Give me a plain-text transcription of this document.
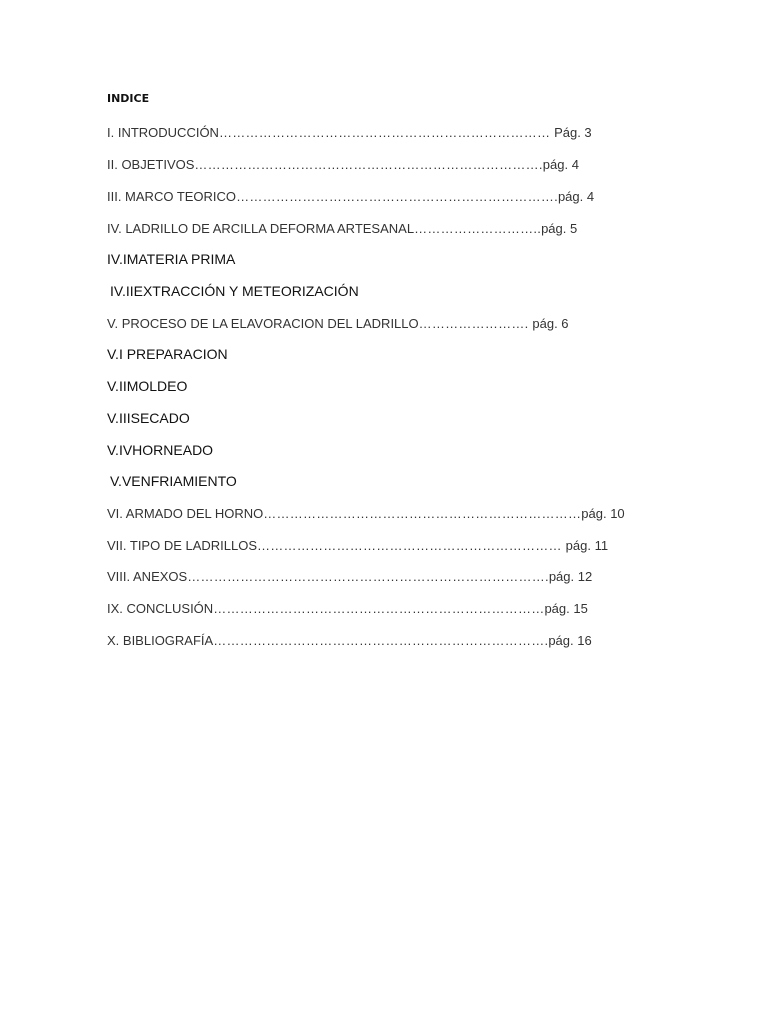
INDICE
I. INTRODUCCIÓN………………………………………………………………… Pág. 3
II. OBJETIVOS…………………………………………………………………….pág. 4
III. MARCO TEORICO……………………………………………………………….pág. 4
IV. LADRILLO DE ARCILLA DEFORMA ARTESANAL………………………..pág. 5
IV.IMATERIA PRIMA
IV.IIEXTRACCIÓN Y METEORIZACIÓN
V. PROCESO DE LA ELAVORACION DEL LADRILLO……………………. pág. 6
V.I PREPARACION
V.IIMOLDEO
V.IIISECADO
V.IVHORNEADO
V.VENFRIAMIENTO
VI. ARMADO DEL HORNO………………………………………………………………pág. 10
VII. TIPO DE LADRILLOS…………………………………………………………… pág. 11
VIII. ANEXOS……………………………………………………………………….pág. 12
IX. CONCLUSIÓN…………………………………………………………………pág. 15
X. BIBLIOGRAFÍA………………………………………………………………….pág. 16
